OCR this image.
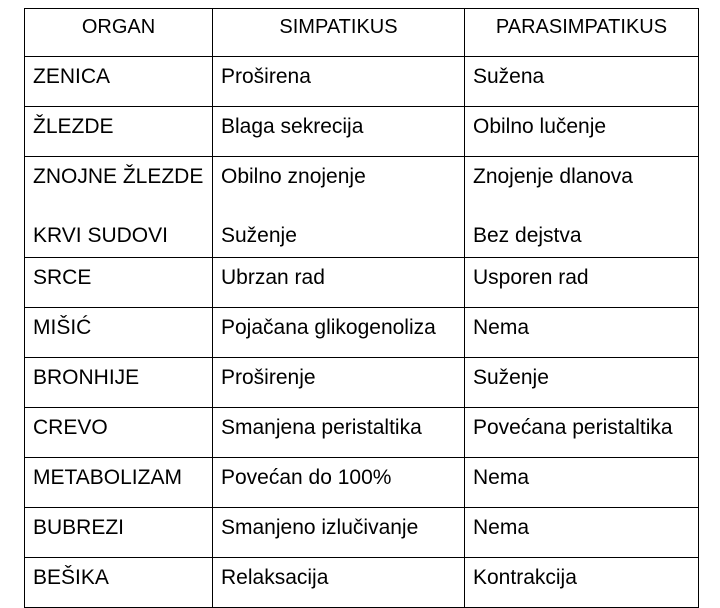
ORGAN	SIMPATIKUS	PARASIMPATIKUS
ZENICA	Proširena	Sužena
ŽLEZDE	Blaga sekrecija	Obilno lučenje
ZNOJNE ŽLEZDE	Obilno znojenje	Znojenje dlanova
KRVI SUDOVI	Suženje	Bez dejstva
SRCE	Ubrzan rad	Usporen rad
MIŠIĆ	Pojačana glikogenoliza	Nema
BRONHIJE	Proširenje	Suženje
CREVO	Smanjena peristaltika	Povećana peristaltika
METABOLIZAM	Povećan do 100%	Nema
BUBREZI	Smanjeno izlučivanje	Nema
BEŠIKA	Relaksacija	Kontrakcija
